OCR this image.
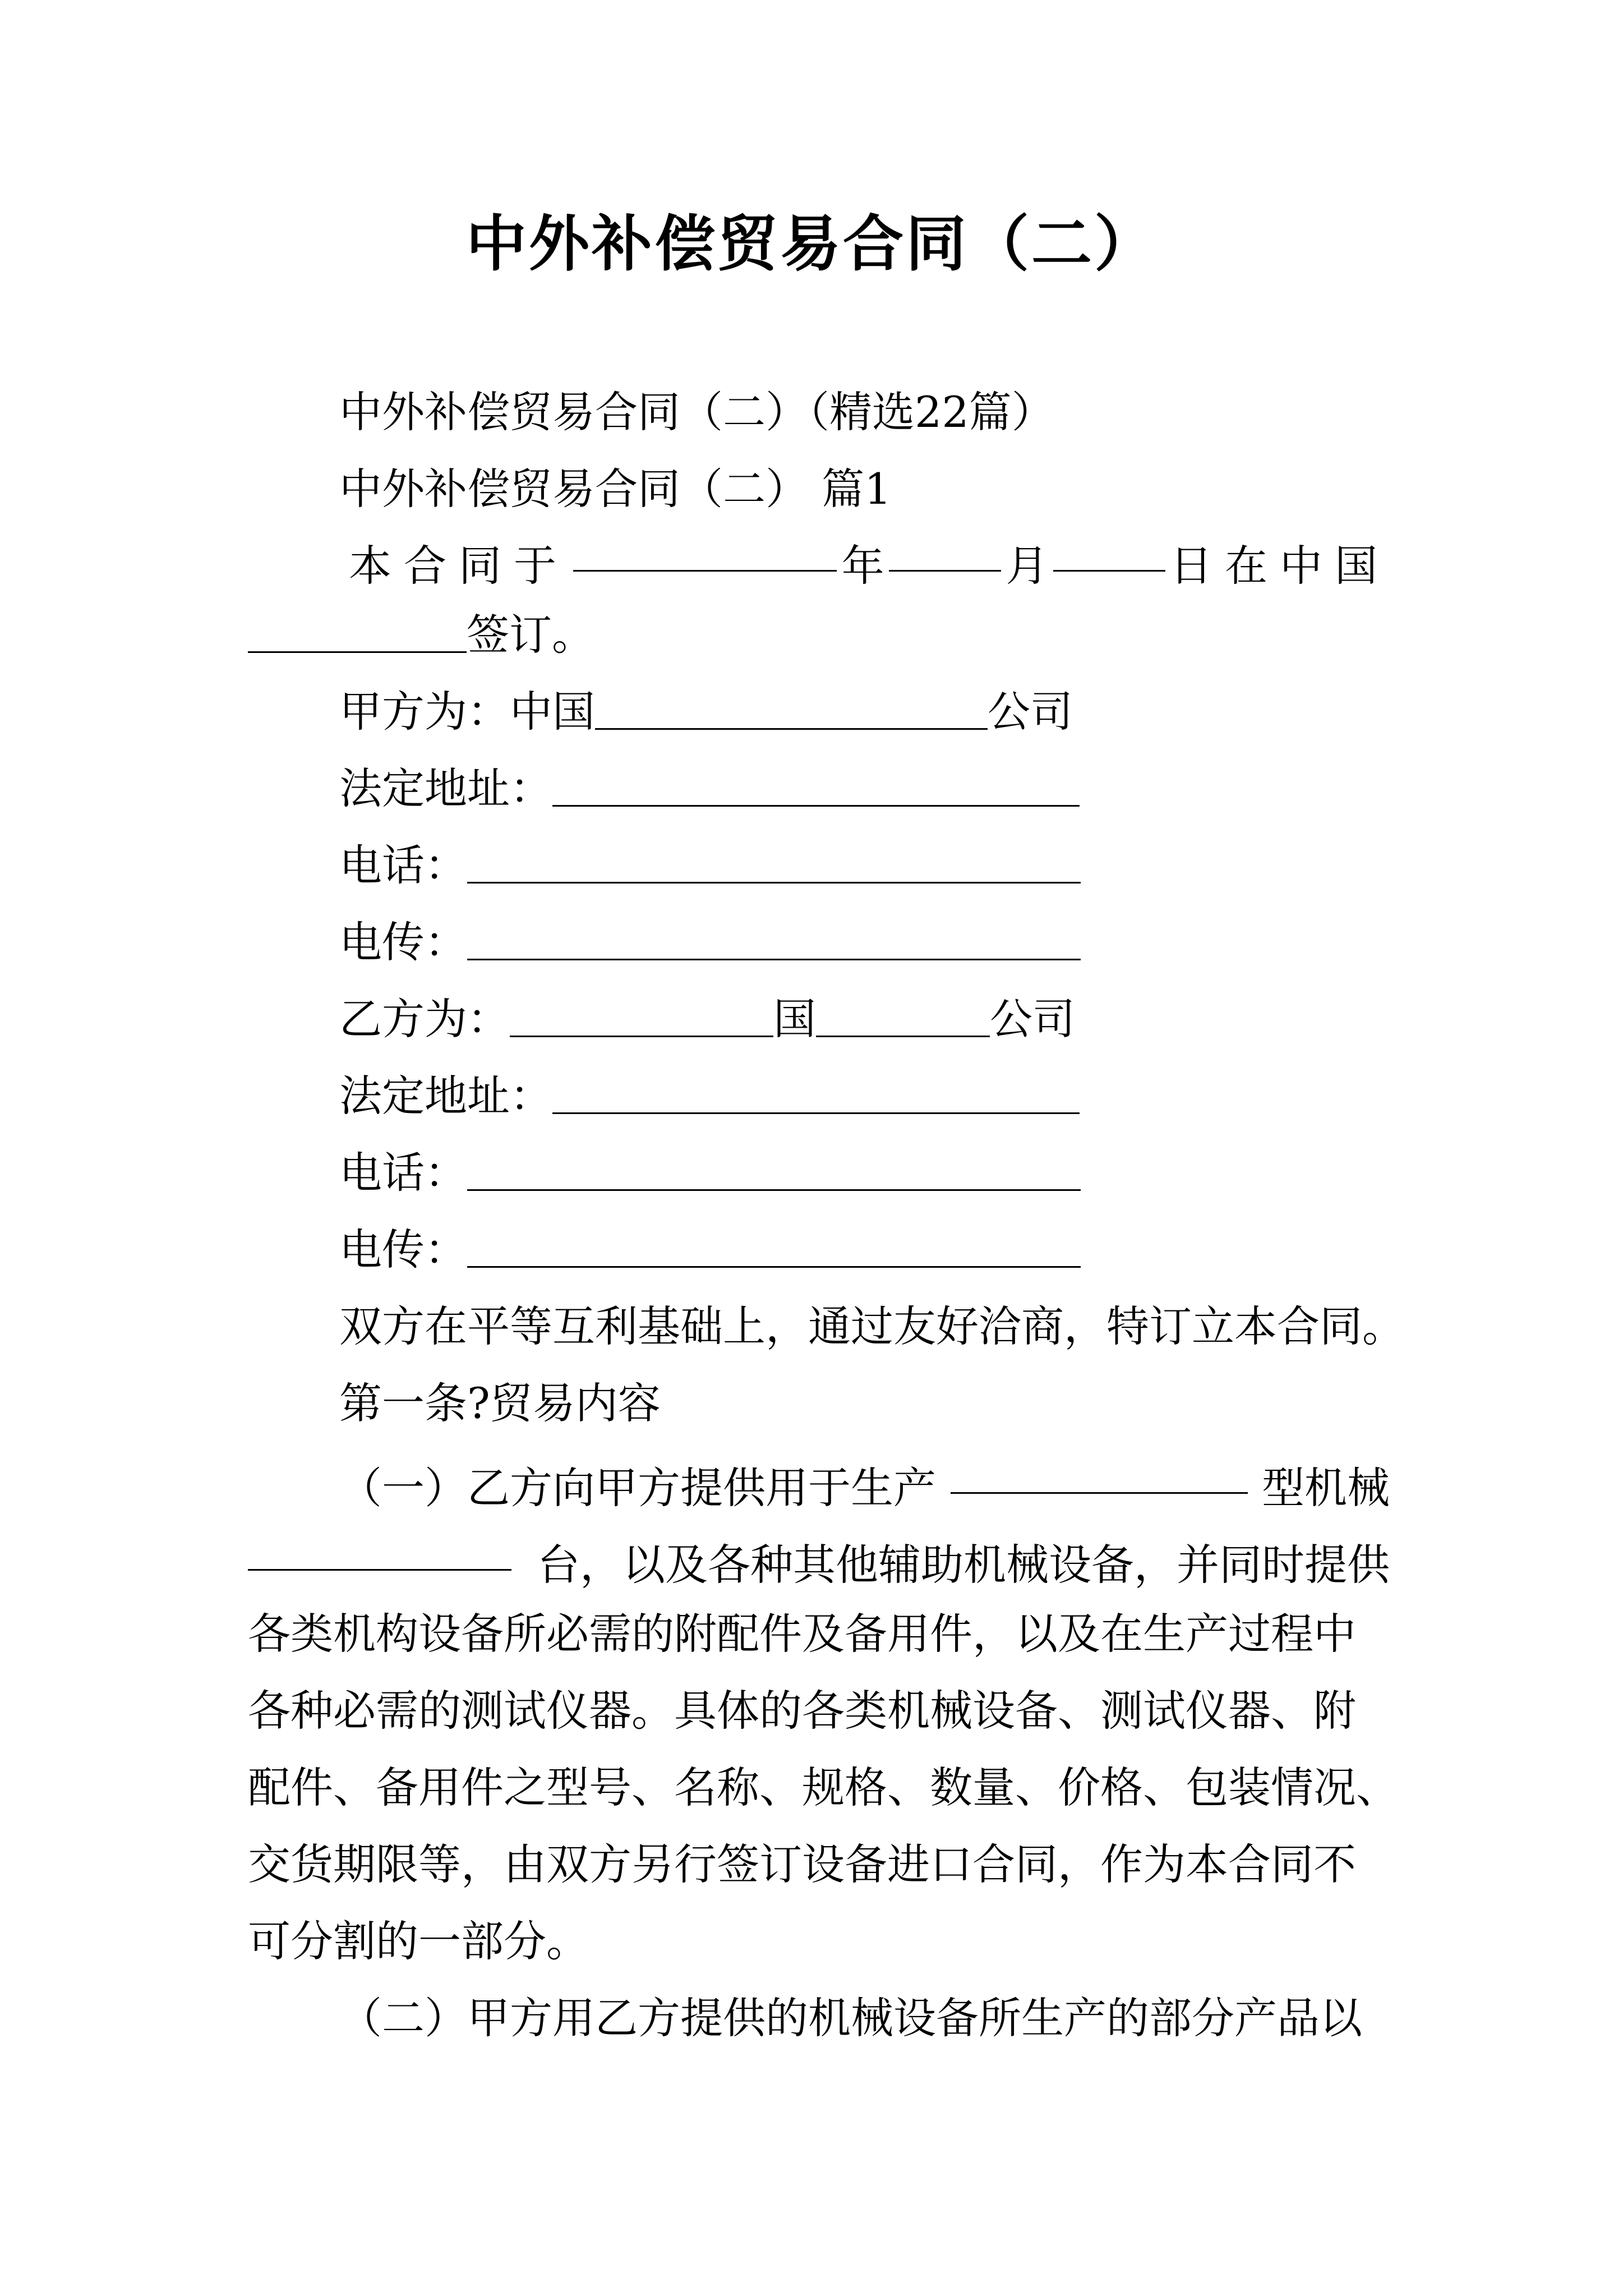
中外补偿贸易合同（二）
中外补偿贸易合同（二）（精选22篇）
中外补偿贸易合同（二） 篇1
本合同于	年	月	日在中国
签订。
甲方为：中国	公司
法定地址：
电话：
电传：
乙方为：	国	公司
法定地址：
电话：
电传：
双方在平等互利基础上，通过友好洽商，特订立本合同。
第一条?贸易内容
（一）乙方向甲方提供用于生产	型机械
台，以及各种其他辅助机械设备，并同时提供
各类机构设备所必需的附配件及备用件，以及在生产过程中
各种必需的测试仪器。具体的各类机械设备、测试仪器、附
配件、备用件之型号、名称、规格、数量、价格、包装情况、
交货期限等，由双方另行签订设备进口合同，作为本合同不
可分割的一部分。
（二）甲方用乙方提供的机械设备所生产的部分产品以
